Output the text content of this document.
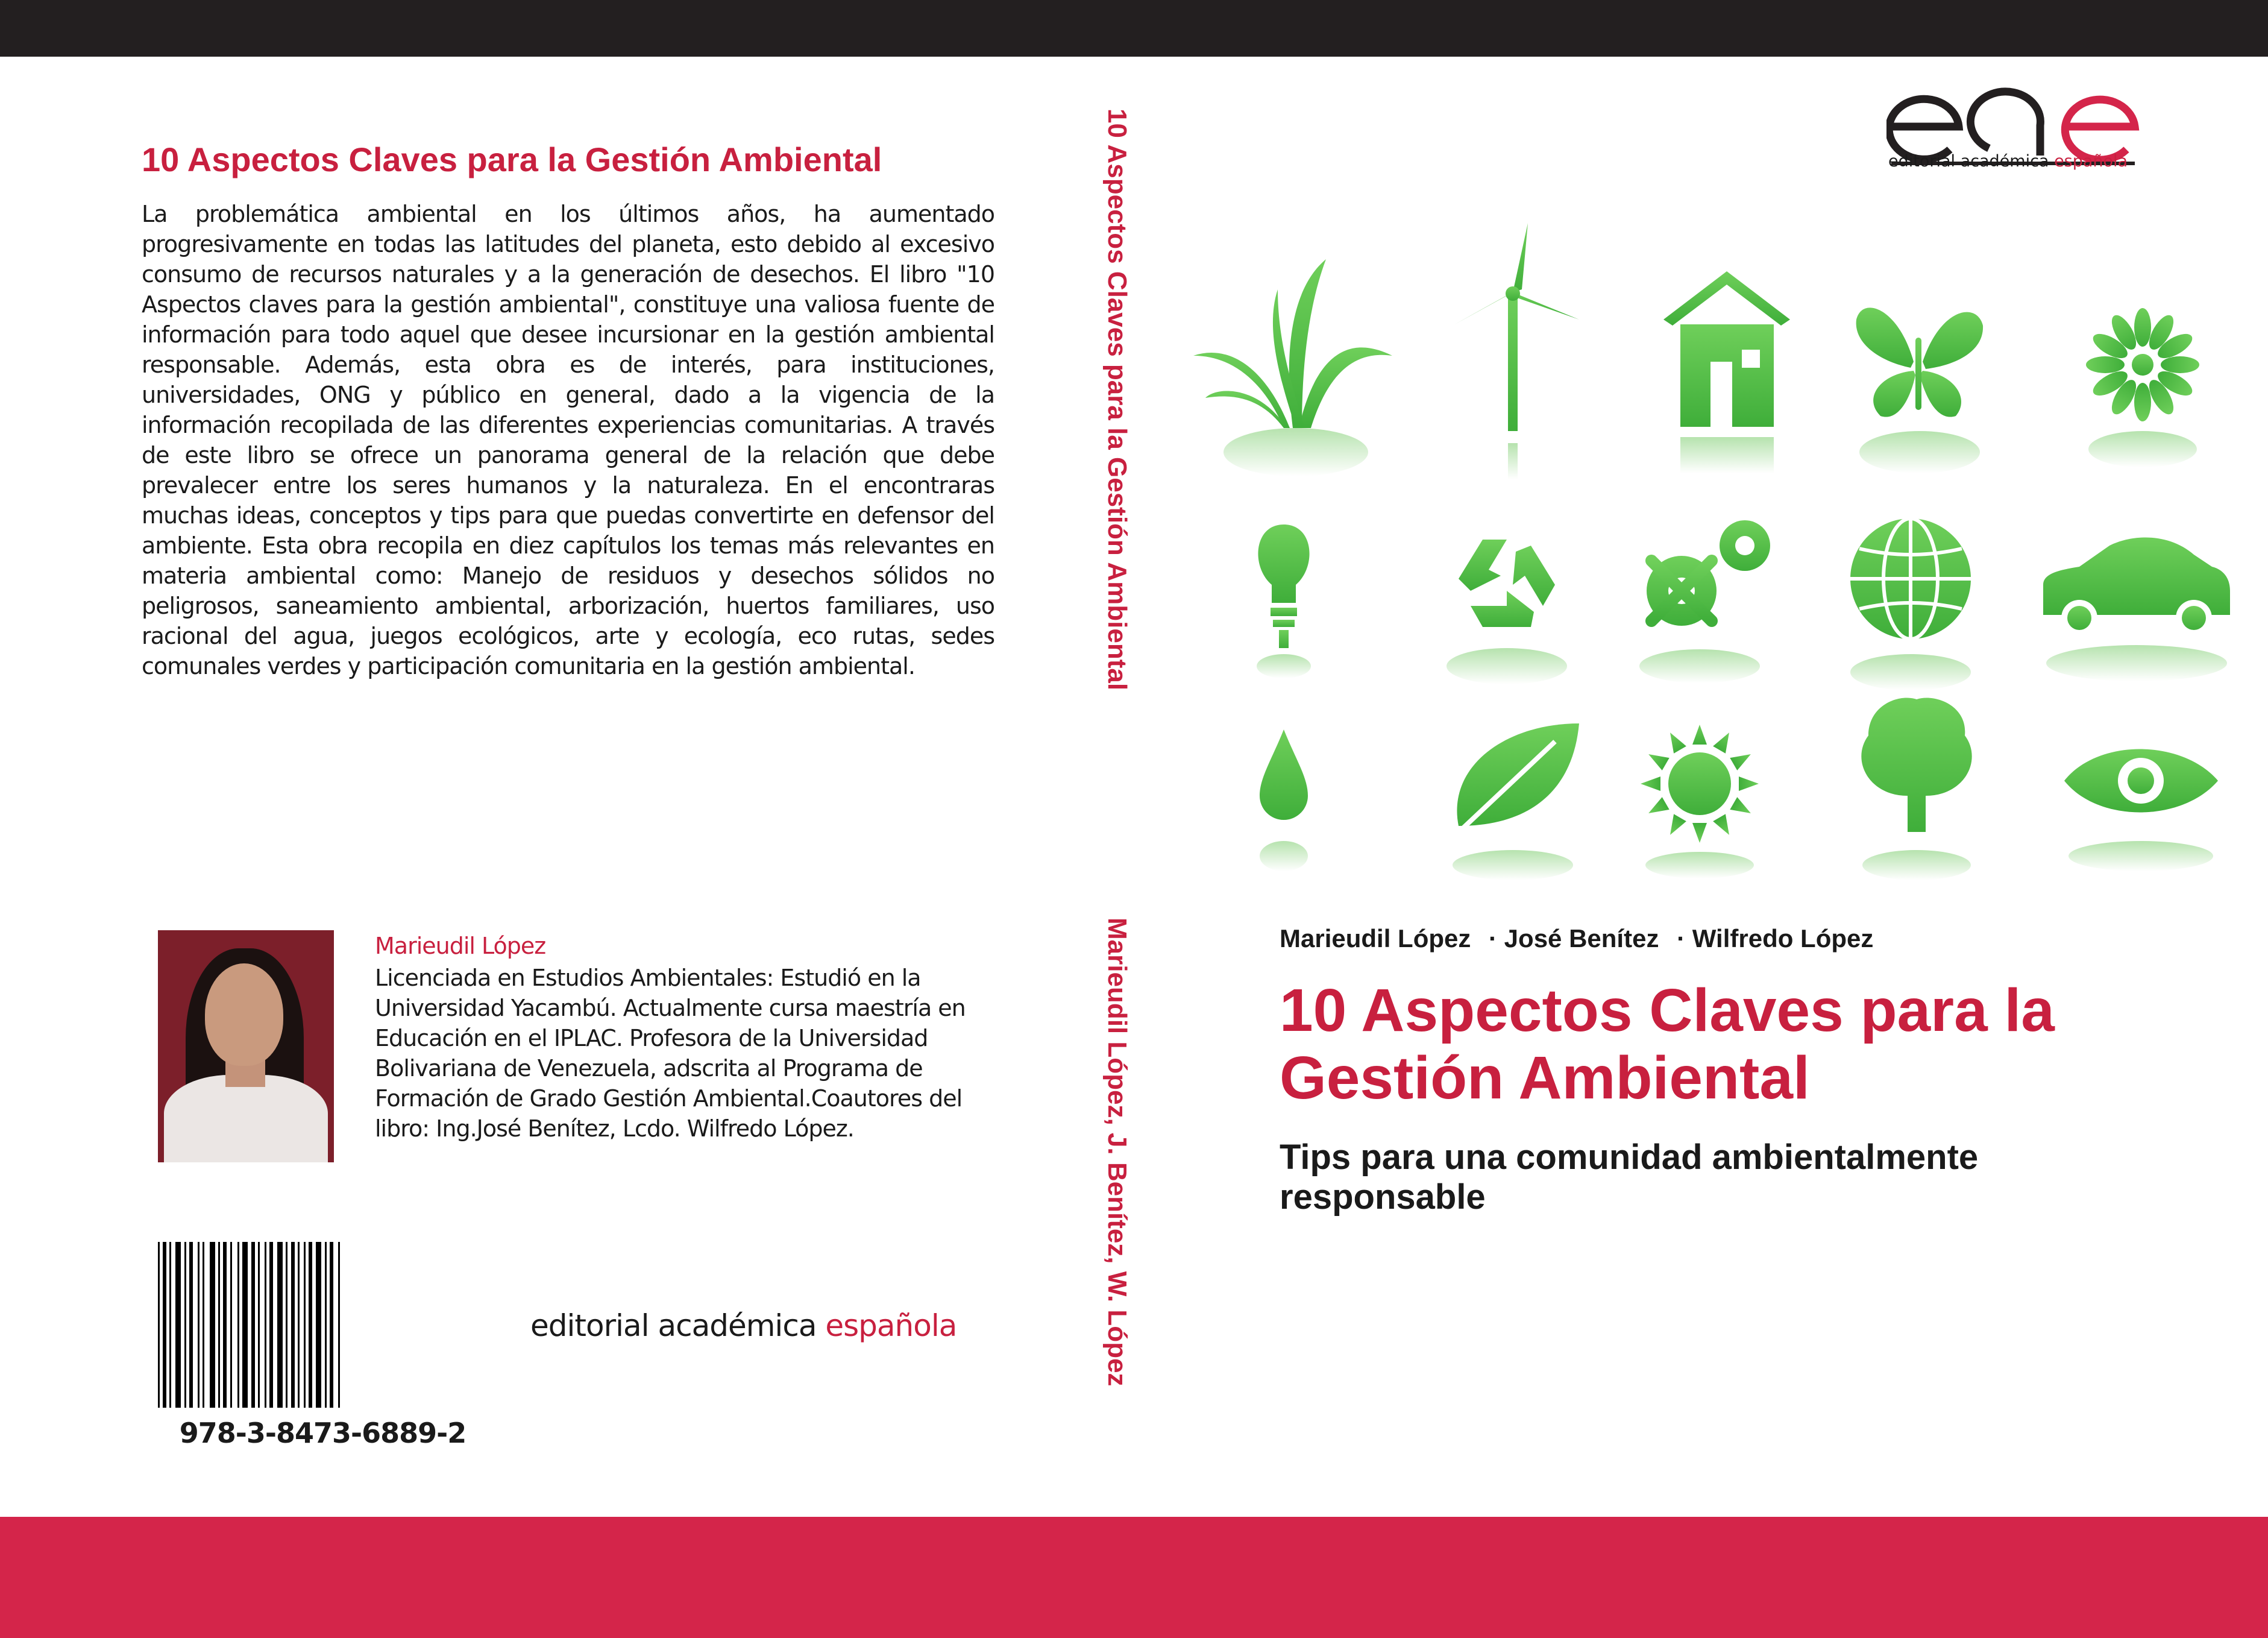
10 Aspectos Claves para la Gestión Ambiental
La problemática ambiental en los últimos años, ha aumentado progresivamente en todas las latitudes del planeta, esto debido al excesivo consumo de recursos naturales y a la generación de desechos. El libro "10 Aspectos claves para la gestión ambiental", constituye una valiosa fuente de información para todo aquel que desee incursionar en la gestión ambiental responsable. Además, esta obra es de interés, para instituciones, universidades, ONG y público en general, dado a la vigencia de la información recopilada de las diferentes experiencias comunitarias. A través de este libro se ofrece un panorama general de la relación que debe prevalecer entre los seres humanos y la naturaleza. En el encontraras muchas ideas, conceptos y tips para que puedas convertirte en defensor del ambiente. Esta obra recopila en diez capítulos los temas más relevantes en materia ambiental como: Manejo de residuos y desechos sólidos no peligrosos, saneamiento ambiental, arborización, huertos familiares, uso racional del agua, juegos ecológicos, arte y ecología, eco rutas, sedes comunales verdes y participación comunitaria en la gestión ambiental.
Marieudil López
Licenciada en Estudios Ambientales: Estudió en la Universidad Yacambú. Actualmente cursa maestría en Educación en el IPLAC. Profesora de la Universidad Bolivariana de Venezuela, adscrita al Programa de Formación de Grado Gestión Ambiental.Coautores del libro: Ing.José Benítez, Lcdo. Wilfredo López.
978-3-8473-6889-2
editorial académica española
10 Aspectos Claves para la Gestión Ambiental
Marieudil López, J. Benítez, W. López
editorial académica española
Marieudil López · José Benítez · Wilfredo López
10 Aspectos Claves para la Gestión Ambiental
Tips para una comunidad ambientalmente responsable
